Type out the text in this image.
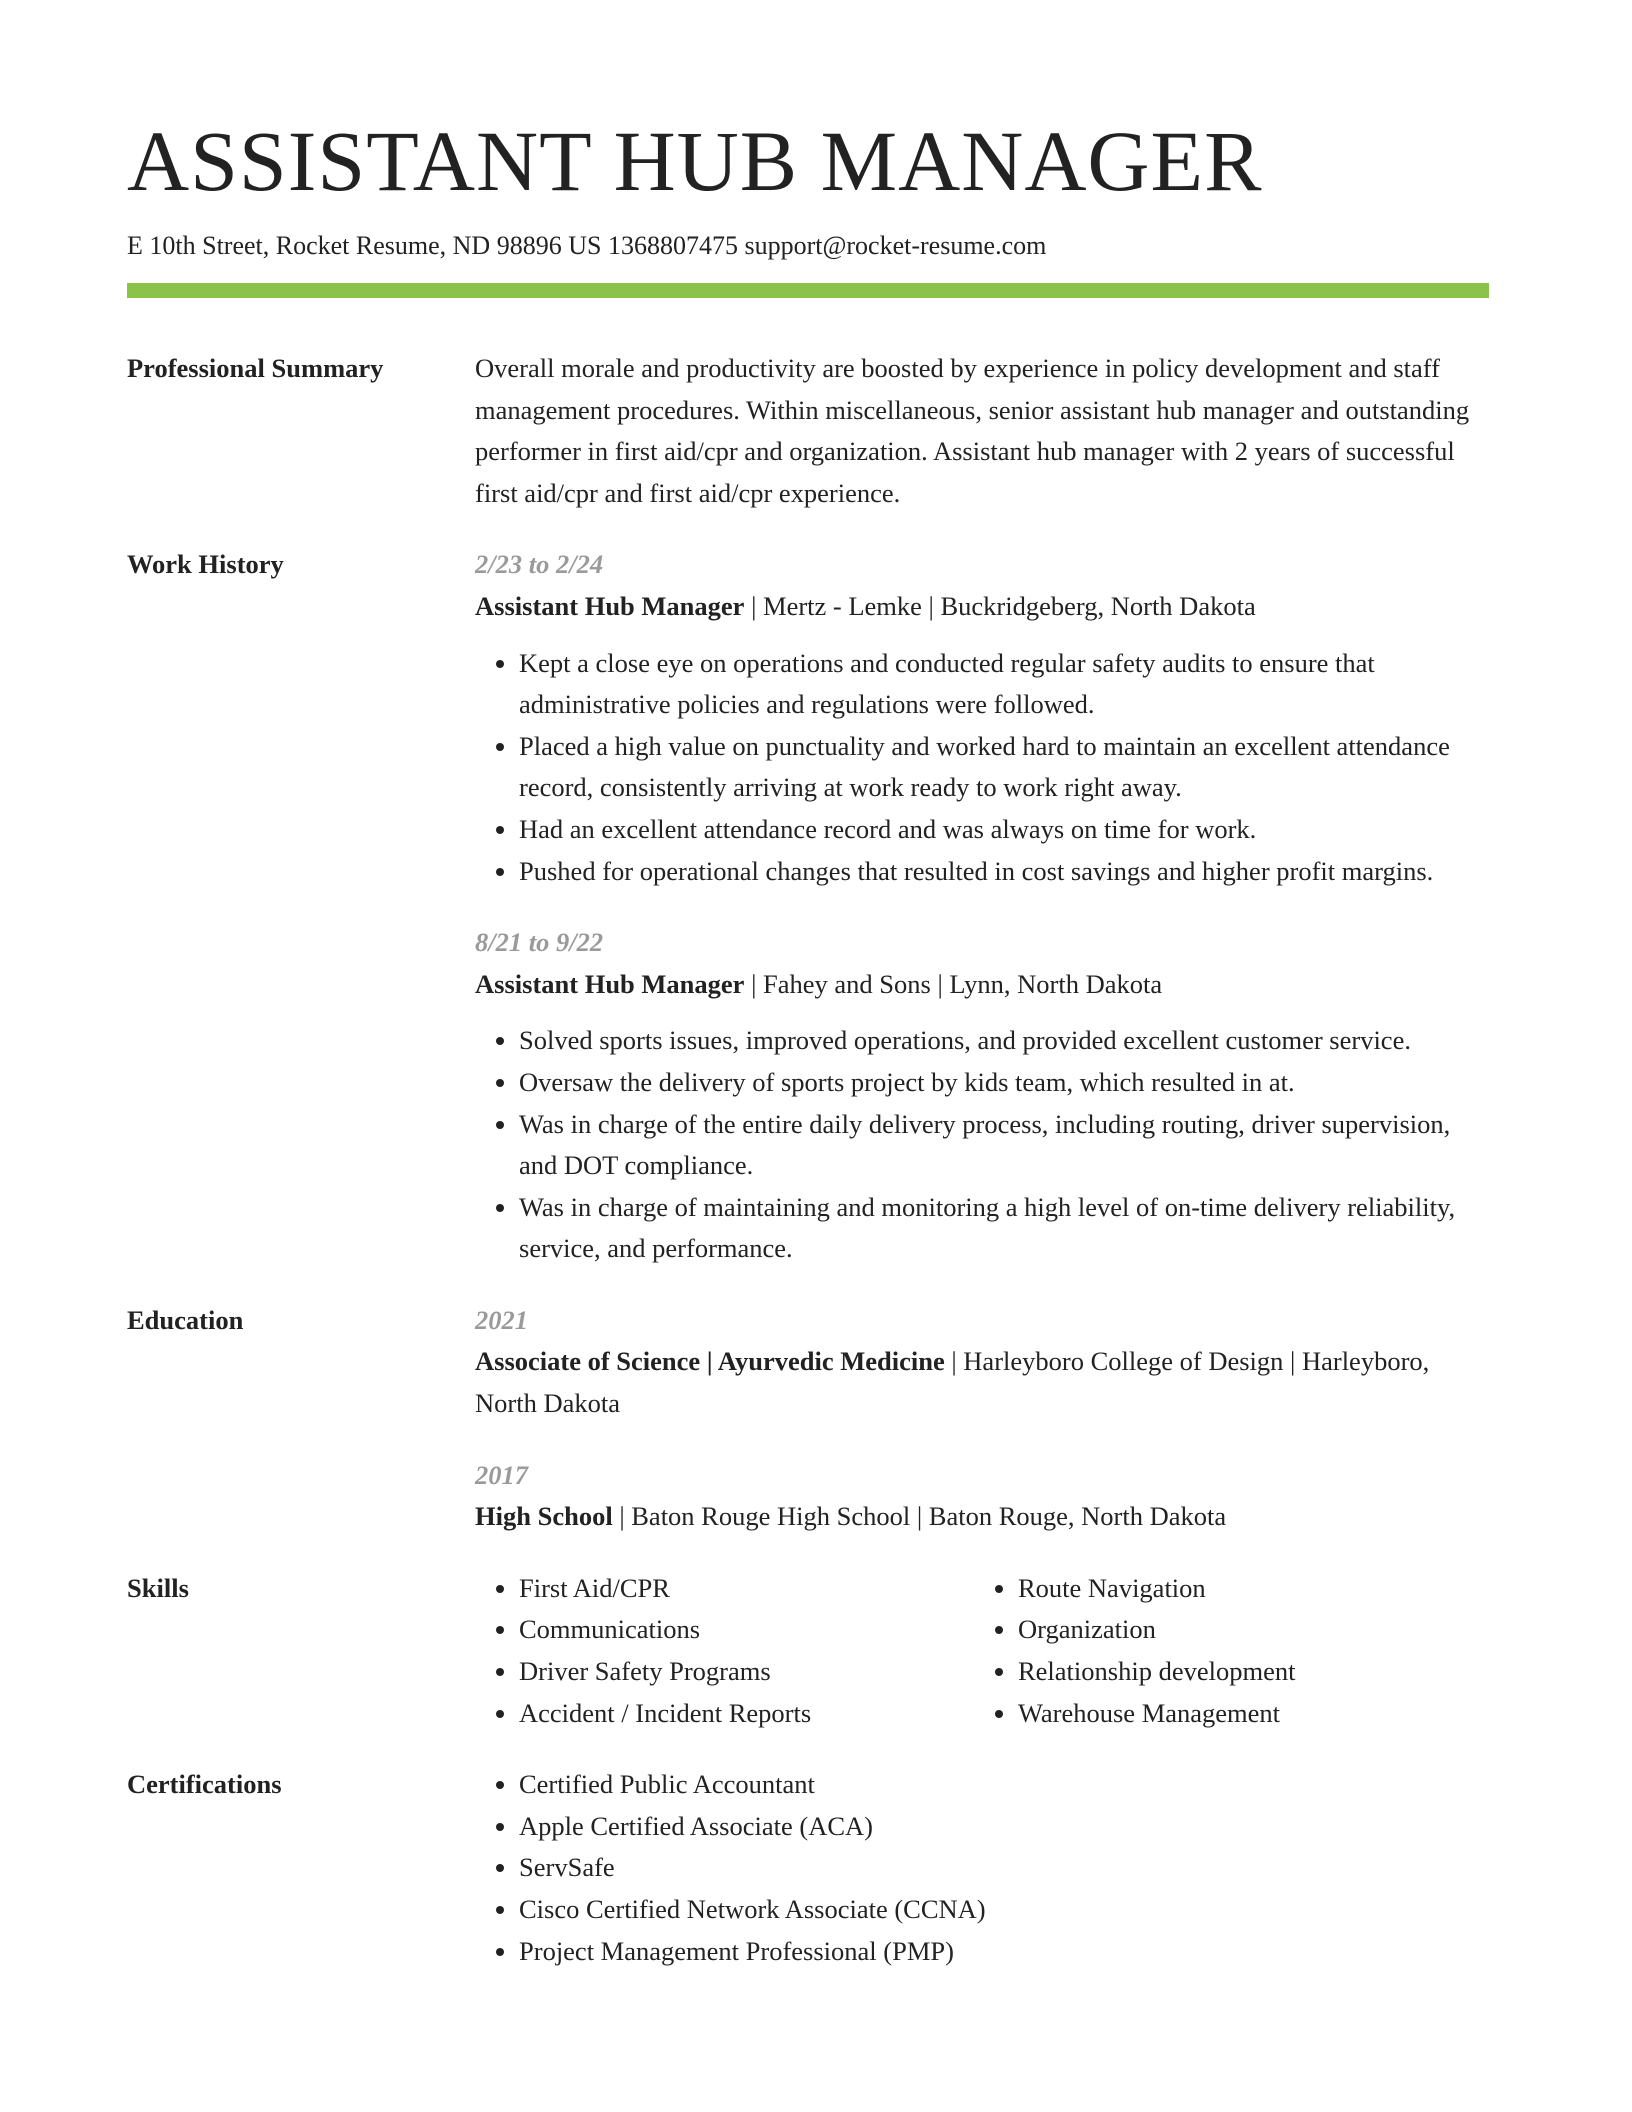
ASSISTANT HUB MANAGER
E 10th Street, Rocket Resume, ND 98896 US 1368807475 support@rocket-resume.com
Professional Summary	Overall morale and productivity are boosted by experience in policy development and staff management procedures. Within miscellaneous, senior assistant hub manager and outstanding performer in first aid/cpr and organization. Assistant hub manager with 2 years of successful first aid/cpr and first aid/cpr experience.

Work History	2/23 to 2/24
Assistant Hub Manager | Mertz - Lemke | Buckridgeberg, North Dakota
• Kept a close eye on operations and conducted regular safety audits to ensure that administrative policies and regulations were followed.
• Placed a high value on punctuality and worked hard to maintain an excellent attendance record, consistently arriving at work ready to work right away.
• Had an excellent attendance record and was always on time for work.
• Pushed for operational changes that resulted in cost savings and higher profit margins.
8/21 to 9/22
Assistant Hub Manager | Fahey and Sons | Lynn, North Dakota
• Solved sports issues, improved operations, and provided excellent customer service.
• Oversaw the delivery of sports project by kids team, which resulted in at.
• Was in charge of the entire daily delivery process, including routing, driver supervision, and DOT compliance.
• Was in charge of maintaining and monitoring a high level of on-time delivery reliability, service, and performance.
Education	2021
Associate of Science | Ayurvedic Medicine | Harleyboro College of Design | Harleyboro, North Dakota
2017
High School | Baton Rouge High School | Baton Rouge, North Dakota
Skills	• First Aid/CPR
• Communications
• Driver Safety Programs
• Accident / Incident Reports
• Route Navigation
• Organization
• Relationship development
• Warehouse Management
Certifications	• Certified Public Accountant
• Apple Certified Associate (ACA)
• ServSafe
• Cisco Certified Network Associate (CCNA)
• Project Management Professional (PMP)
